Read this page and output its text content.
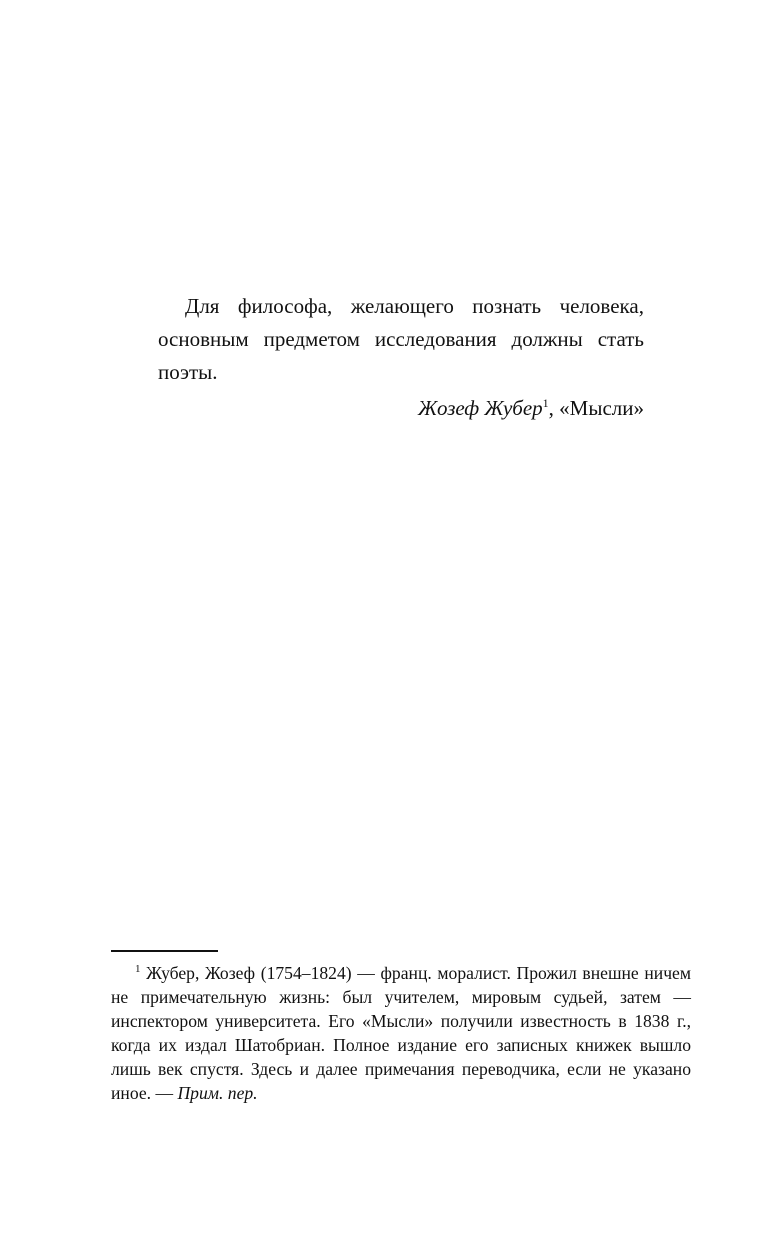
Для философа, желающего познать человека, основным предметом исследования должны стать поэты.

Жозеф Жубер$^1$, «Мысли»

$^1$ Жубер, Жозеф (1754–1824) — франц. моралист. Прожил внешне ничем не примечательную жизнь: был учителем, мировым судьей, затем — инспектором университета. Его «Мысли» получили известность в 1838 г., когда их издал Шатобриан. Полное издание его записных книжек вышло лишь век спустя. Здесь и далее примечания переводчика, если не указано иное. — Прим. пер.
